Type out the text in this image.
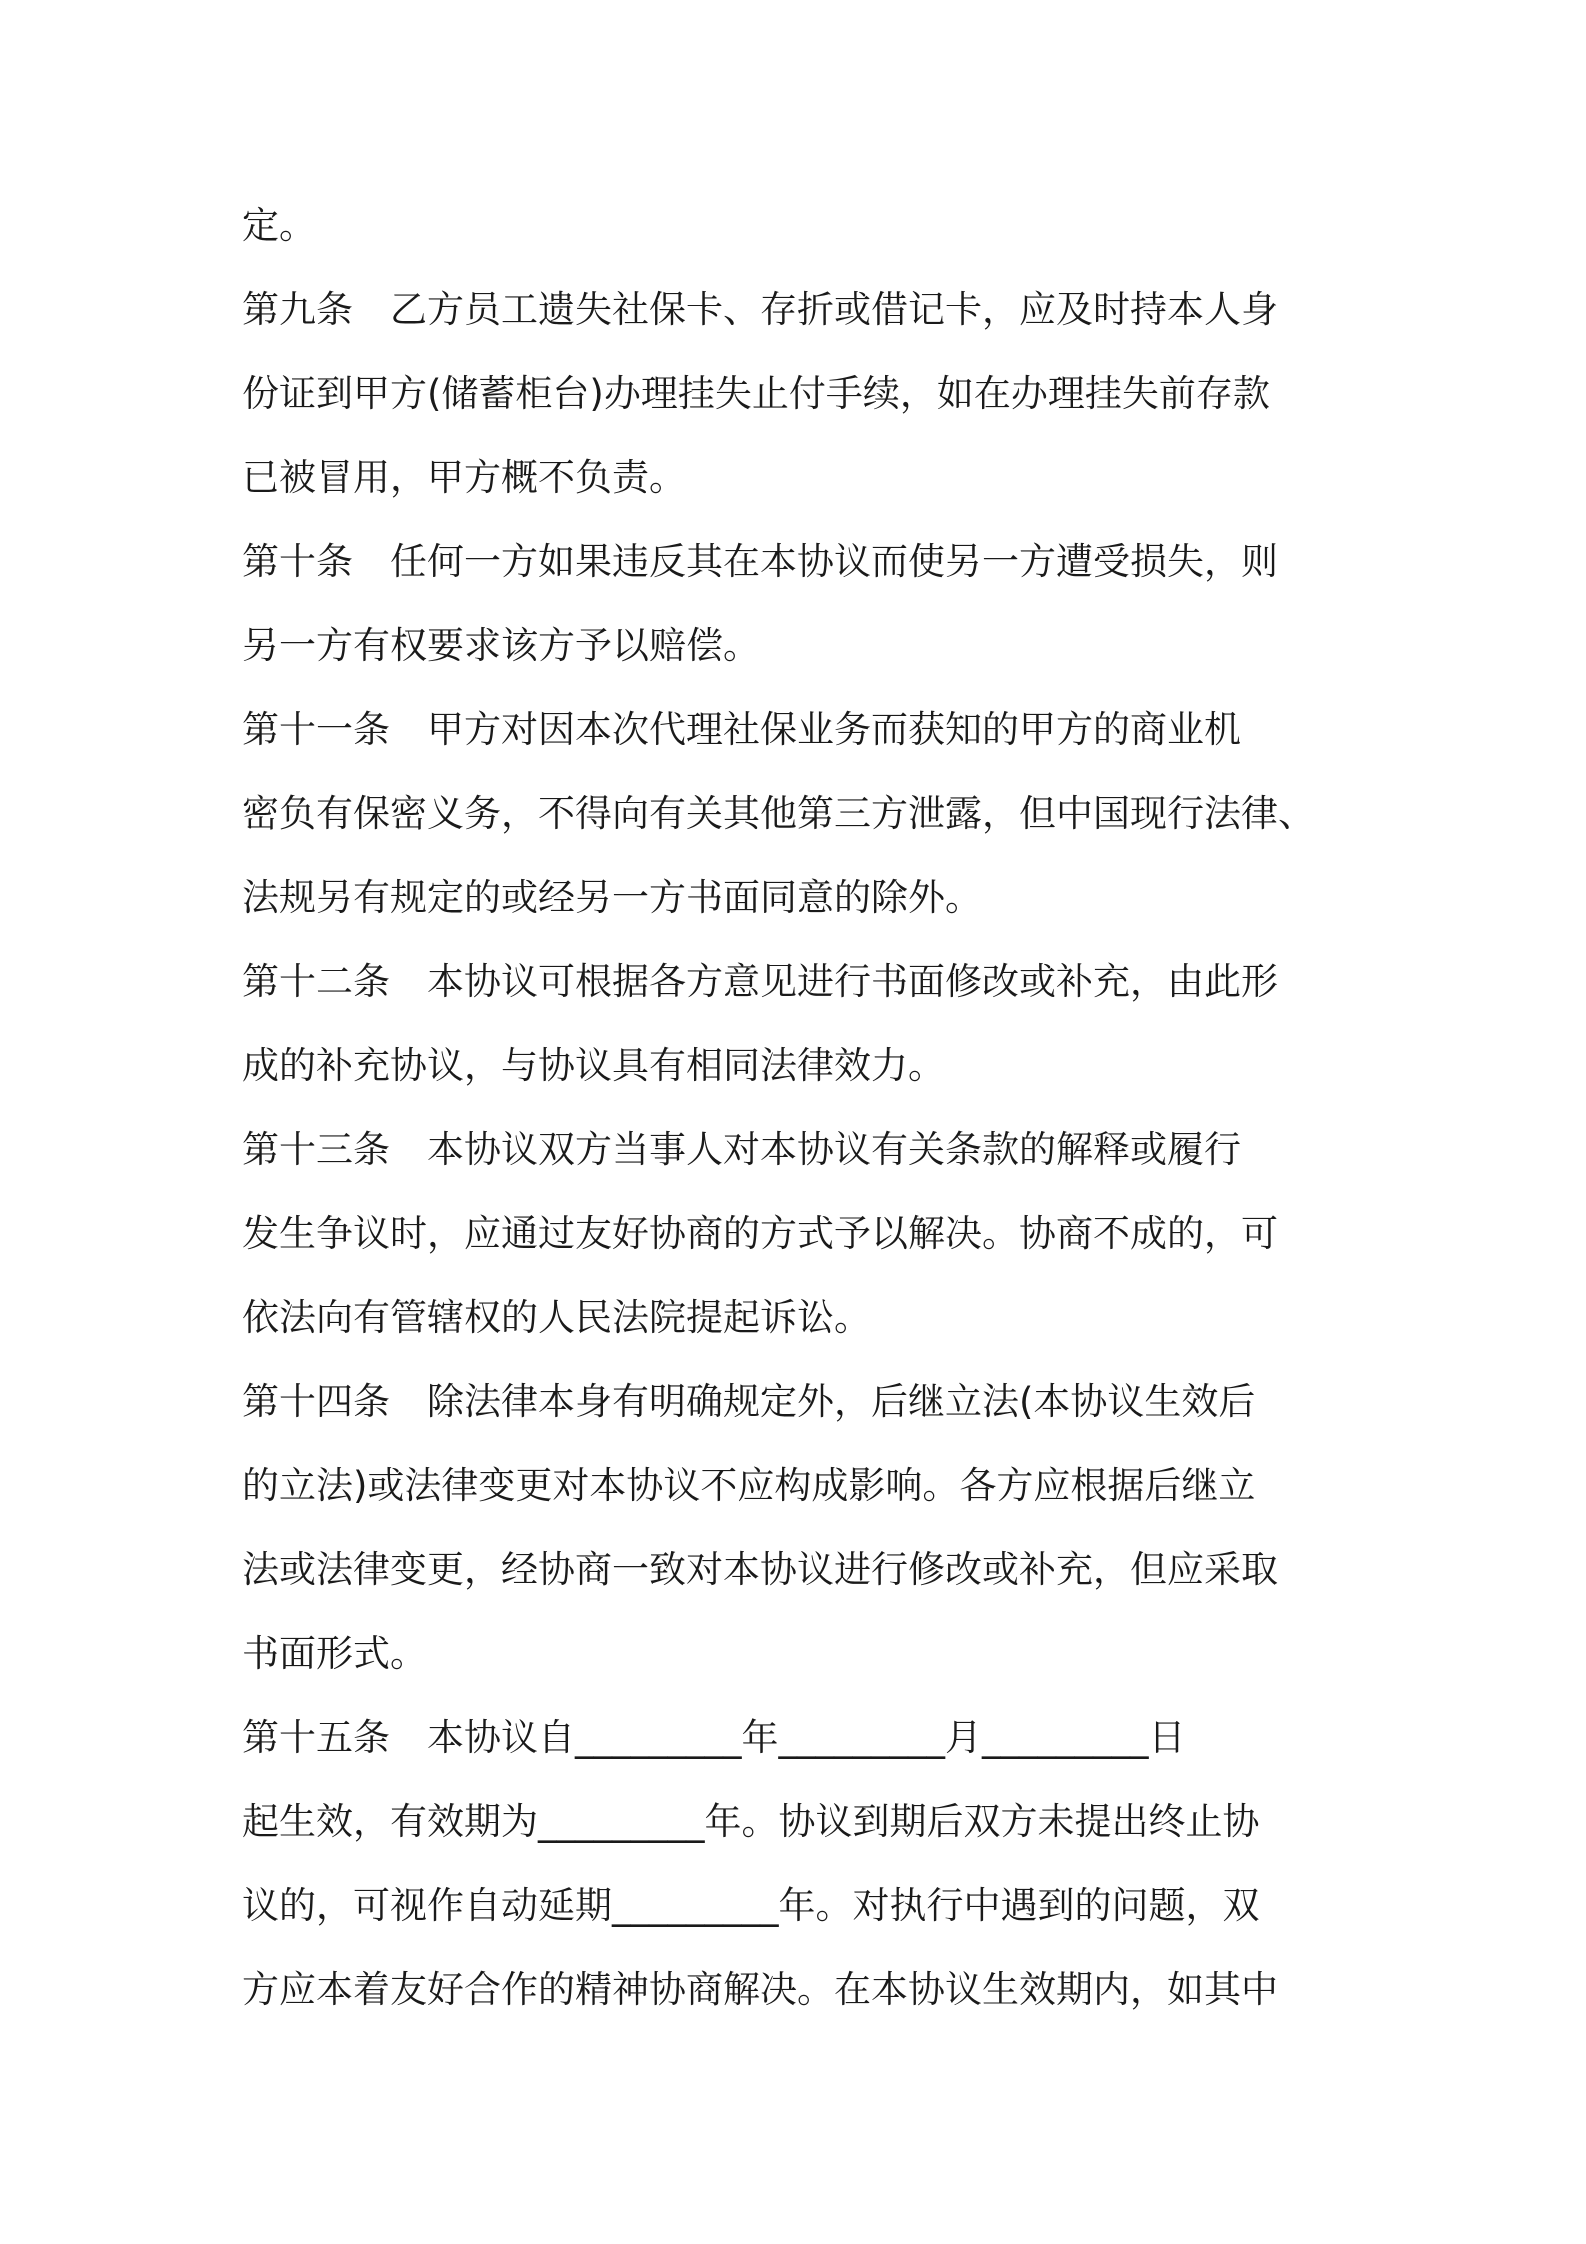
定。
第九条　乙方员工遗失社保卡、存折或借记卡，应及时持本人身
份证到甲方(储蓄柜台)办理挂失止付手续，如在办理挂失前存款
已被冒用，甲方概不负责。
第十条　任何一方如果违反其在本协议而使另一方遭受损失，则
另一方有权要求该方予以赔偿。
第十一条　甲方对因本次代理社保业务而获知的甲方的商业机
密负有保密义务，不得向有关其他第三方泄露，但中国现行法律、
法规另有规定的或经另一方书面同意的除外。
第十二条　本协议可根据各方意见进行书面修改或补充，由此形
成的补充协议，与协议具有相同法律效力。
第十三条　本协议双方当事人对本协议有关条款的解释或履行
发生争议时，应通过友好协商的方式予以解决。协商不成的，可
依法向有管辖权的人民法院提起诉讼。
第十四条　除法律本身有明确规定外，后继立法(本协议生效后
的立法)或法律变更对本协议不应构成影响。各方应根据后继立
法或法律变更，经协商一致对本协议进行修改或补充，但应采取
书面形式。
第十五条　本协议自_________年_________月_________日
起生效，有效期为_________年。协议到期后双方未提出终止协
议的，可视作自动延期_________年。对执行中遇到的问题，双
方应本着友好合作的精神协商解决。在本协议生效期内，如其中
